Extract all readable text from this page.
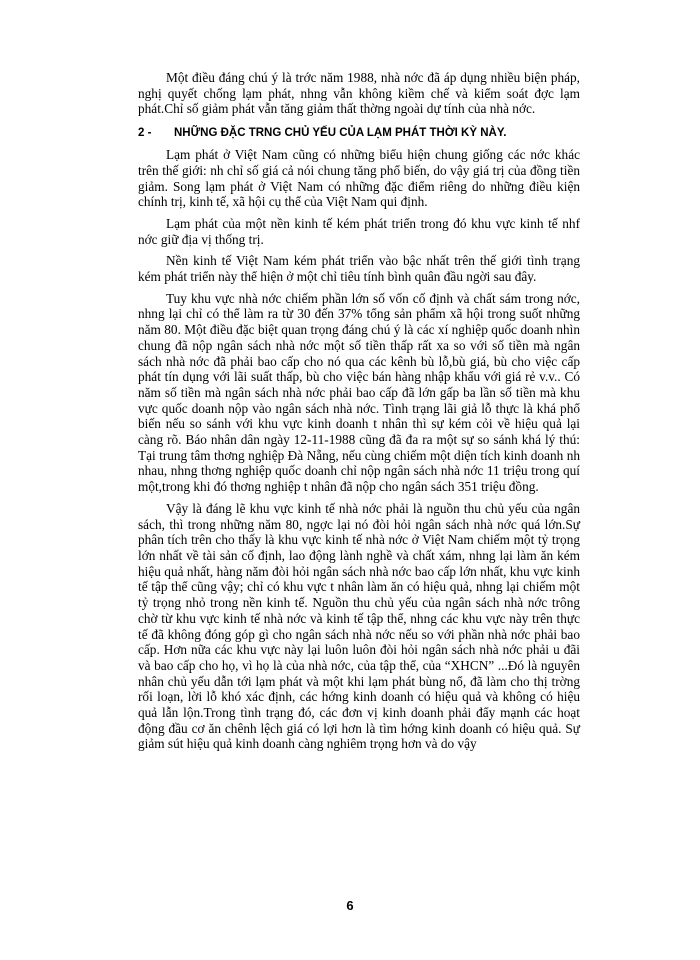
Một điều đáng chú ý là trớc năm 1988, nhà nớc đã áp dụng nhiều biện pháp, nghị quyết chống lạm phát, nhng vẫn không kiềm chế và kiểm soát đợc lạm phát.Chỉ số giảm phát vẫn tăng giảm thất thờng ngoài dự tính của nhà nớc.

2 - NHỮNG ĐẶC TRNG CHỦ YẾU CỦA LẠM PHÁT THỜI KỲ NÀY.

Lạm phát ở Việt Nam cũng có những biểu hiện chung giống các nớc khác trên thế giới: nh chỉ số giá cả nói chung tăng phổ biến, do vậy giá trị của đồng tiền giảm. Song lạm phát ở Việt Nam có những đặc điểm riêng do những điều kiện chính trị, kinh tế, xã hội cụ thể của Việt Nam qui định.

Lạm phát của một nền kinh tế kém phát triển trong đó khu vực kinh tế nhf nớc giữ địa vị thống trị.

Nền kinh tế Việt Nam kém phát triển vào bậc nhất trên thế giới tình trạng kém phát triển này thể hiện ở một chỉ tiêu tính bình quân đầu ngời sau đây.

Tuy khu vực nhà nớc chiếm phần lớn số vốn cố định và chất sám trong nớc, nhng lại chỉ có thể làm ra từ 30 đến 37% tổng sản phẩm xã hội trong suốt những năm 80. Một điều đặc biệt quan trọng đáng chú ý là các xí nghiệp quốc doanh nhìn chung đã nộp ngân sách nhà nớc một số tiền thấp rất xa so với số tiền mà ngân sách nhà nớc đã phải bao cấp cho nó qua các kênh bù lỗ,bù giá, bù cho việc cấp phát tín dụng với lãi suất thấp, bù cho việc bán hàng nhập khẩu với giá rẻ v.v.. Có năm số tiền mà ngân sách nhà nớc phải bao cấp đã lớn gấp ba lần số tiền mà khu vực quốc doanh nộp vào ngân sách nhà nớc. Tình trạng lãi giả lỗ thực là khá phổ biến nếu so sánh với khu vực kinh doanh t nhân thì sự kém cỏi về hiệu quả lại càng rõ. Báo nhân dân ngày 12-11-1988 cũng đã đa ra một sự so sánh khá lý thú: Tại trung tâm thơng nghiệp Đà Nẵng, nếu cùng chiếm một diện tích kinh doanh nh nhau, nhng thơng nghiệp quốc doanh chỉ nộp ngân sách nhà nớc 11 triệu trong quí một,trong khi đó thơng nghiệp t nhân đã nộp cho ngân sách 351 triệu đồng.

Vậy là đáng lẽ khu vực kinh tế nhà nớc phải là nguồn thu chủ yếu của ngân sách, thì trong những năm 80, ngợc lại nó đòi hỏi ngân sách nhà nớc quá lớn.Sự phân tích trên cho thấy là khu vực kinh tế nhà nớc ở Việt Nam chiếm một tỷ trọng lớn nhất về tài sản cố định, lao động lành nghề và chất xám, nhng lại làm ăn kém hiệu quả nhất, hàng năm đòi hỏi ngân sách nhà nớc bao cấp lớn nhất, khu vực kinh tế tập thể cũng vậy; chỉ có khu vực t nhân làm ăn có hiệu quả, nhng lại chiếm một tỷ trọng nhỏ trong nền kinh tế. Nguồn thu chủ yếu của ngân sách nhà nớc trông chờ từ khu vực kinh tế nhà nớc và kinh tế tập thể, nhng các khu vực này trên thực tế đã không đóng góp gì cho ngân sách nhà nớc nếu so với phần nhà nớc phải bao cấp. Hơn nữa các khu vực này lại luôn luôn đòi hỏi ngân sách nhà nớc phải u đãi và bao cấp cho họ, vì họ là của nhà nớc, của tập thể, của “XHCN” ...Đó là nguyên nhân chủ yếu dẫn tới lạm phát và một khi lạm phát bùng nổ, đã làm cho thị trờng rối loạn, lời lỗ khó xác định, các hớng kinh doanh có hiệu quả và không có hiệu quả lẫn lộn.Trong tình trạng đó, các đơn vị kinh doanh phải đẩy mạnh các hoạt động đầu cơ ăn chênh lệch giá có lợi hơn là tìm hớng kinh doanh có hiệu quả. Sự giảm sút hiệu quả kinh doanh càng nghiêm trọng hơn và do vậy

6
